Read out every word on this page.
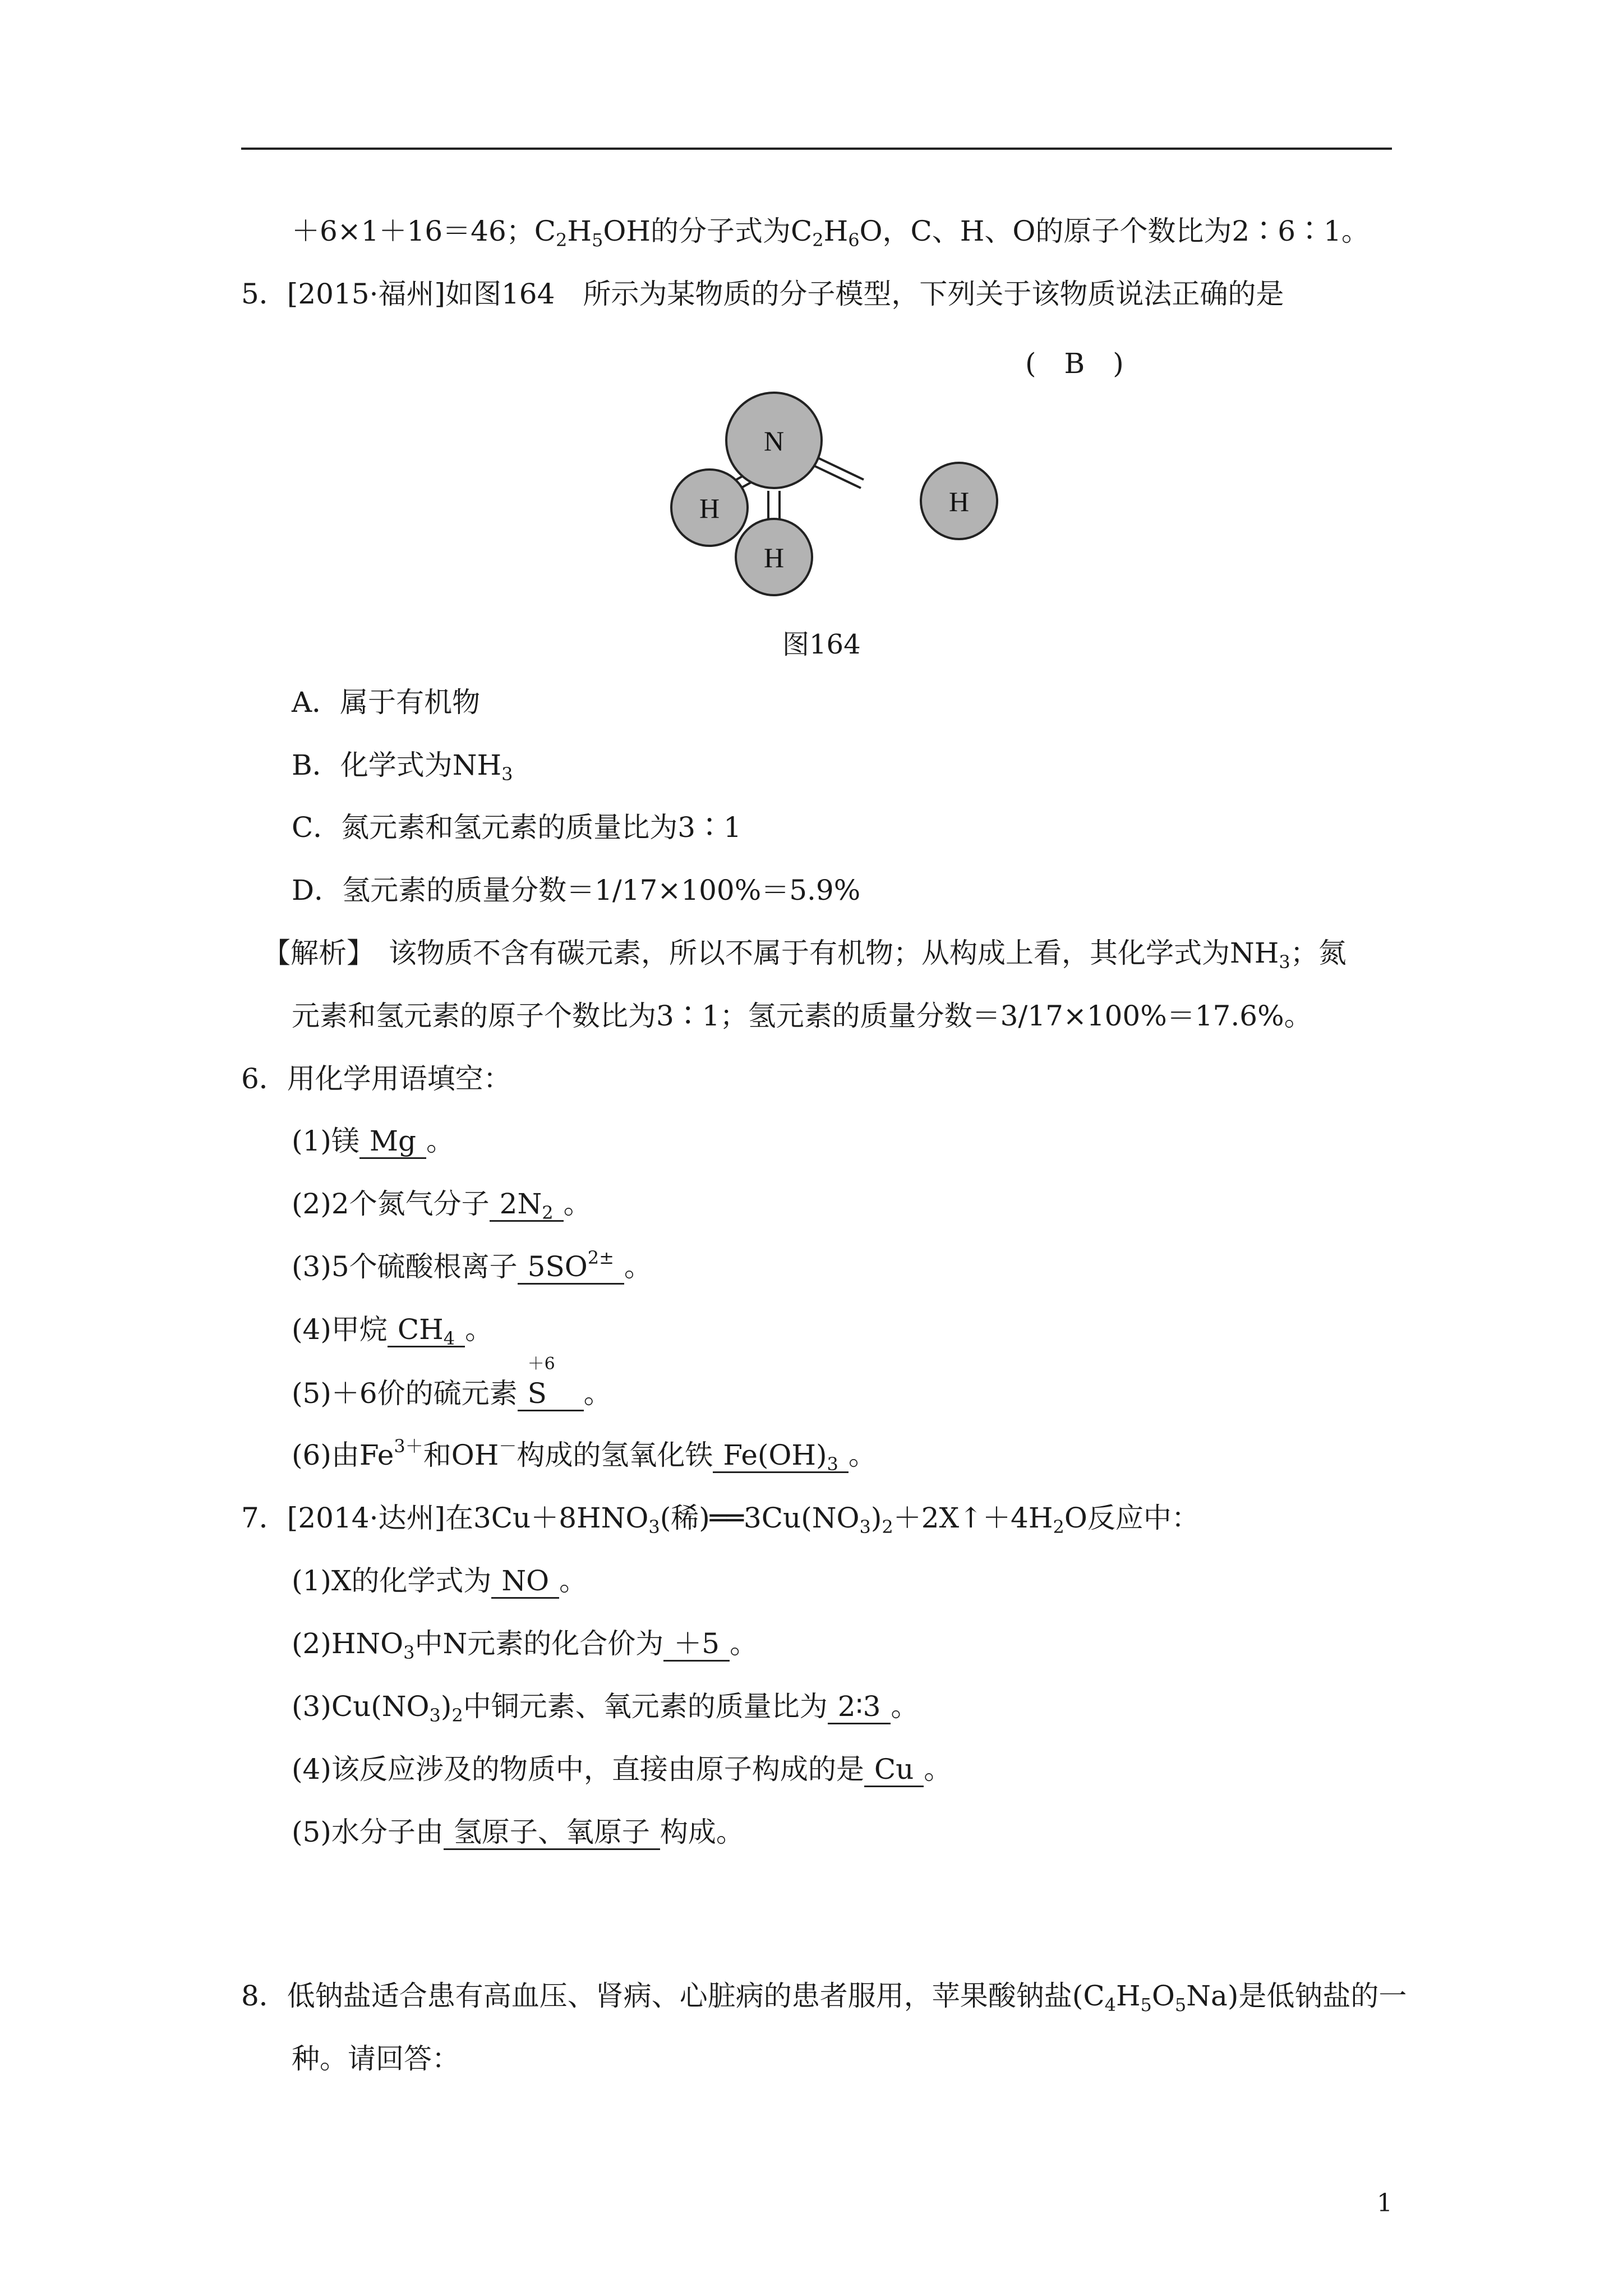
＋6×1＋16＝46；$C_2H_5OH$的分子式为$C_2H_6O$，C、H、O的原子个数比为2∶6∶1。
5．[2015·福州]如图164　所示为某物质的分子模型，下列关于该物质说法正确的是
(　B　)
N
H
H
H
图164
A．属于有机物
B．化学式为$NH_3$
C．氮元素和氢元素的质量比为3∶1
D．氢元素的质量分数＝1/17×100%＝5.9%
【解析】　该物质不含有碳元素，所以不属于有机物；从构成上看，其化学式为$NH_3$；氮
元素和氢元素的原子个数比为3∶1；氢元素的质量分数＝3/17×100%＝17.6%。
6．用化学用语填空：
(1)镁 Mg 。
(2)2个氮气分子 $2N_2$ 。
(3)5个硫酸根离子 $5SO^{2\pm}$ 。
(4)甲烷 $CH_4$ 。
(5)＋6价的硫元素
＋6
S 。
(6)由$Fe^{3+}$和OH－构成的氢氧化铁 $Fe(OH)_3$ 。
7．[2014·达州]在$3Cu+8HNO_3$(稀)$══3Cu(NO_3)_2+2X↑+4H_2O$反应中：
(1)X的化学式为 NO 。
$(2)HNO_3$中N元素的化合价为 ＋5 。
$(3)Cu(NO_3)_2$中铜元素、氧元素的质量比为 2∶3 。
(4)该反应涉及的物质中，直接由原子构成的是 Cu 。
(5)水分子由 氢原子、氧原子 构成。
8．低钠盐适合患有高血压、肾病、心脏病的患者服用，苹果酸钠盐$(C_4H_5O_5Na)$是低钠盐的一
种。请回答：
1
